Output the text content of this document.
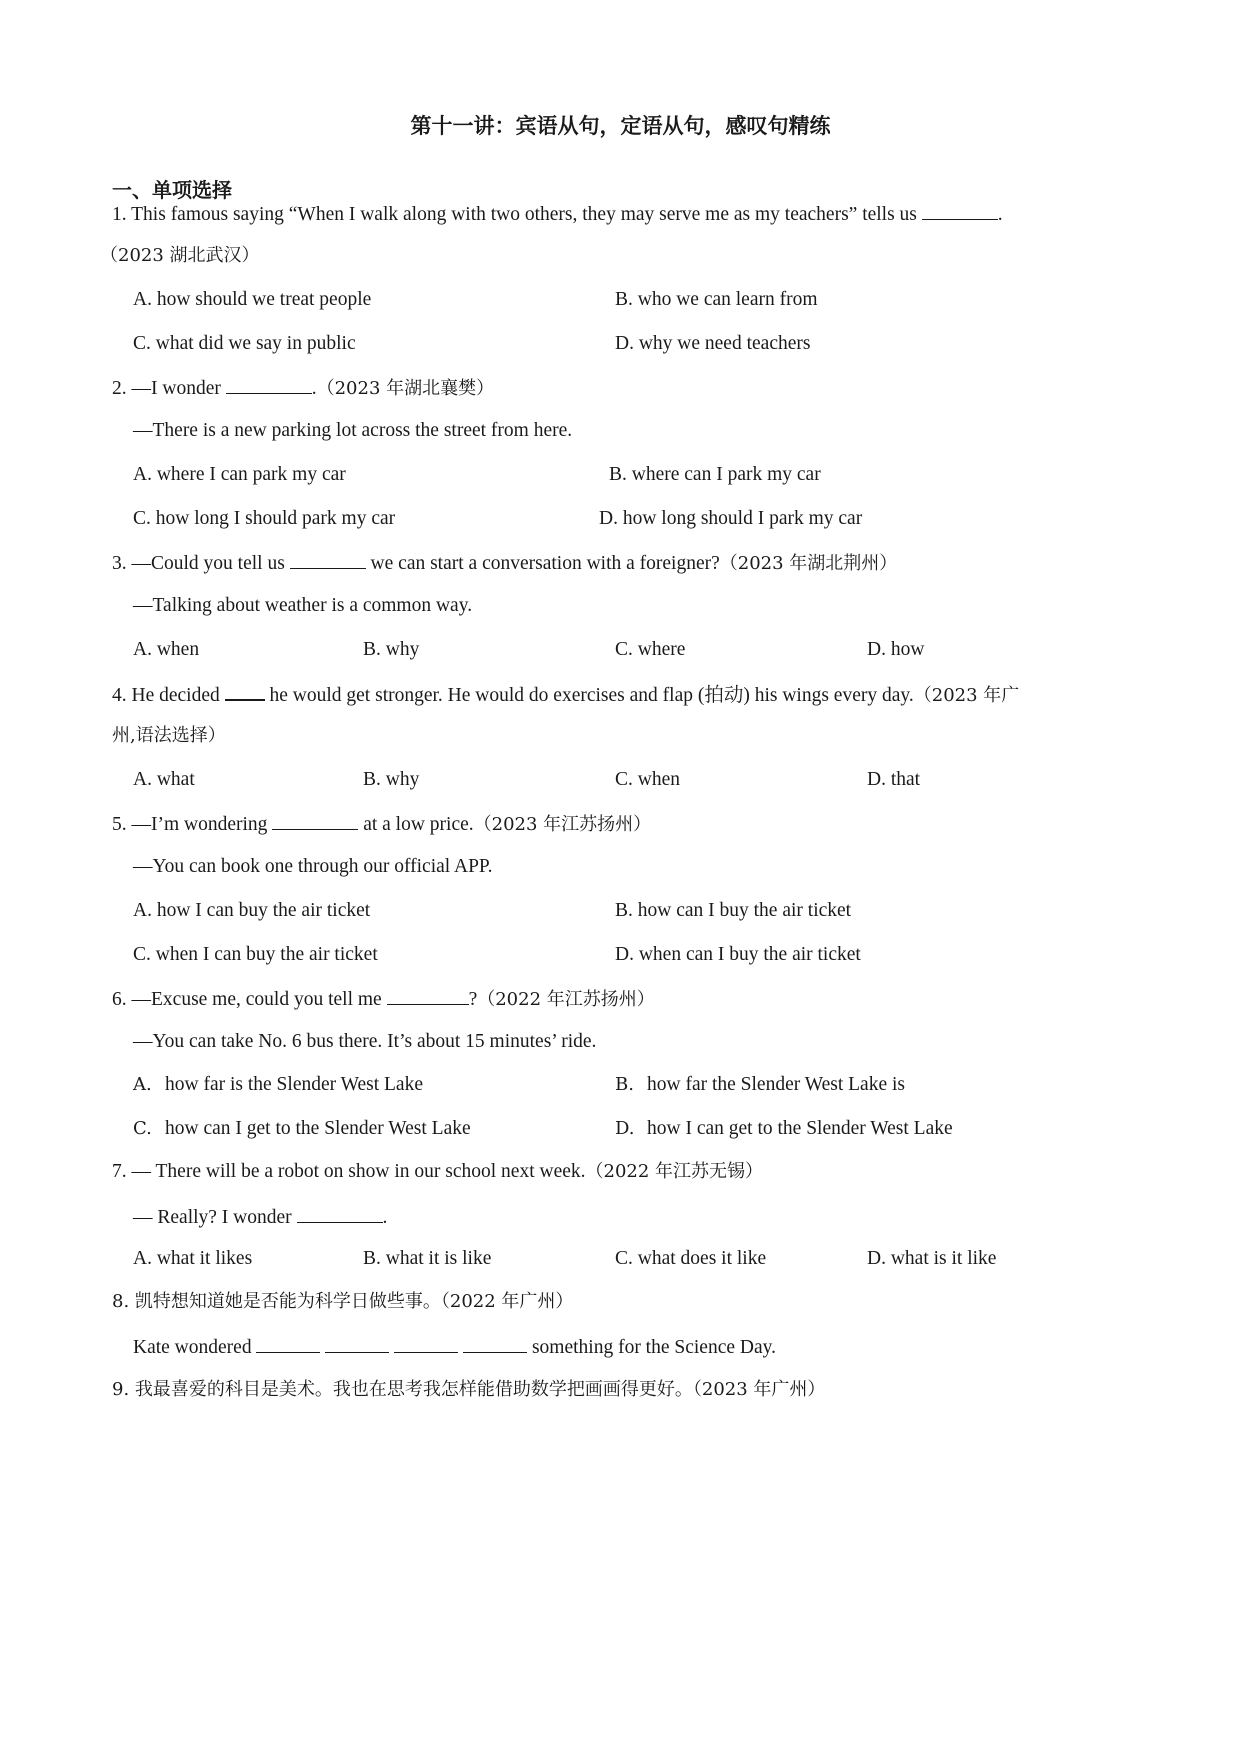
第十一讲：宾语从句，定语从句，感叹句精练
一、单项选择
1. This famous saying “When I walk along with two others, they may serve me as my teachers” tells us	.
（2023 湖北武汉）
A. how should we treat people	B. who we can learn from
C. what did we say in public	D. why we need teachers
2. —I wonder	.（2023 年湖北襄樊）
—There is a new parking lot across the street from here.
A. where I can park my car	B. where can I park my car
C. how long I should park my car	D. how long should I park my car
3. —Could you tell us	we can start a conversation with a foreigner?（2023 年湖北荆州）
—Talking about weather is a common way.
A. when	B. why	C. where	D. how
4. He decided  he would get stronger. He would do exercises and flap (拍动) his wings every day.（2023 年广
州,语法选择）
A. what	B. why	C. when	D. that
5. —I’m wondering	at a low price.（2023 年江苏扬州）
—You can book one through our official APP.
A. how I can buy the air ticket	B. how can I buy the air ticket
C. when I can buy the air ticket	D. when can I buy the air ticket
6. —Excuse me, could you tell me	?（2022 年江苏扬州）
—You can take No. 6 bus there. It’s about 15 minutes’ ride.
A. how far is the Slender West Lake	B. how far the Slender West Lake is
C. how can I get to the Slender West Lake	D. how I can get to the Slender West Lake
7. — There will be a robot on show in our school next week.（2022 年江苏无锡）
— Really? I wonder	.
A. what it likes	B. what it is like	C. what does it like	D. what is it like
8. 凯特想知道她是否能为科学日做些事。（2022 年广州）
Kate wondered	something for the Science Day.
9. 我最喜爱的科目是美术。我也在思考我怎样能借助数学把画画得更好。（2023 年广州）
